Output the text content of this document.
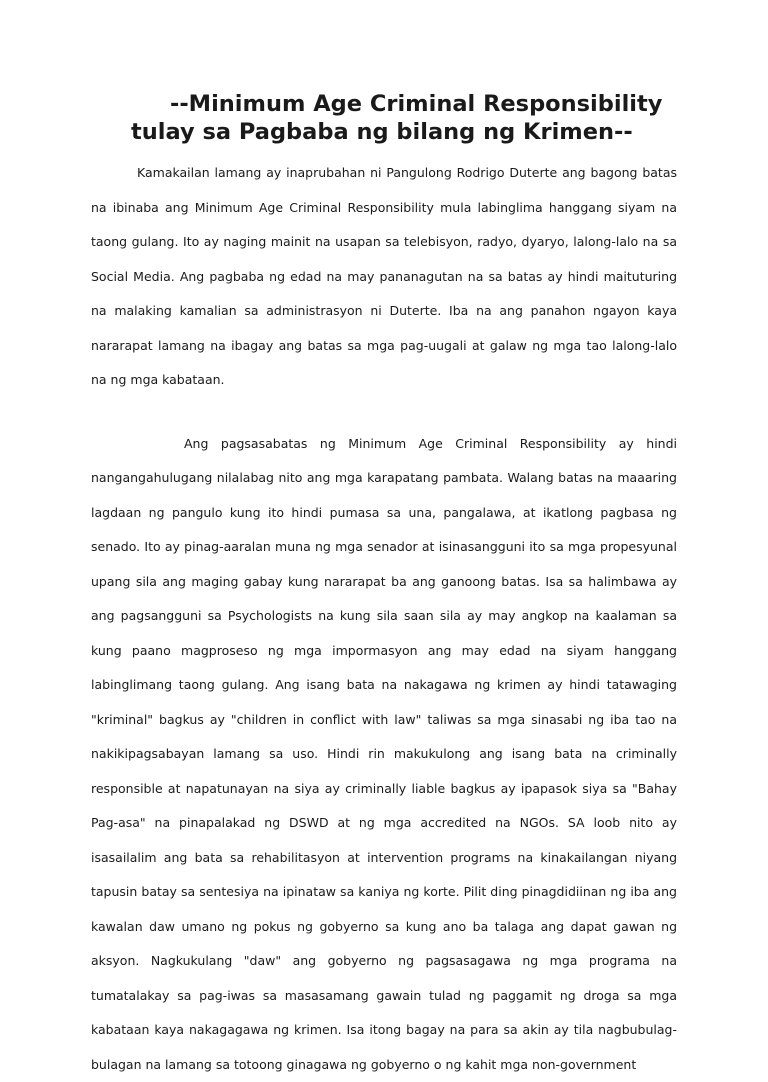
--Minimum Age Criminal Responsibility
tulay sa Pagbaba ng bilang ng Krimen--

Kamakailan lamang ay inaprubahan ni Pangulong Rodrigo Duterte ang bagong batas na ibinaba ang Minimum Age Criminal Responsibility mula labinglima hanggang siyam na taong gulang. Ito ay naging mainit na usapan sa telebisyon, radyo, dyaryo, lalong-lalo na sa Social Media. Ang pagbaba ng edad na may pananagutan na sa batas ay hindi maituturing na malaking kamalian sa administrasyon ni Duterte. Iba na ang panahon ngayon kaya nararapat lamang na ibagay ang batas sa mga pag-uugali at galaw ng mga tao lalong-lalo na ng mga kabataan.

Ang pagsasabatas ng Minimum Age Criminal Responsibility ay hindi nangangahulugang nilalabag nito ang mga karapatang pambata. Walang batas na maaaring lagdaan ng pangulo kung ito hindi pumasa sa una, pangalawa, at ikatlong pagbasa ng senado. Ito ay pinag-aaralan muna ng mga senador at isinasangguni ito sa mga propesyunal upang sila ang maging gabay kung nararapat ba ang ganoong batas. Isa sa halimbawa ay ang pagsangguni sa Psychologists na kung sila saan sila ay may angkop na kaalaman sa kung paano magproseso ng mga impormasyon ang may edad na siyam hanggang labinglimang taong gulang. Ang isang bata na nakagawa ng krimen ay hindi tatawaging "kriminal" bagkus ay "children in conflict with law" taliwas sa mga sinasabi ng iba tao na nakikipagsabayan lamang sa uso. Hindi rin makukulong ang isang bata na criminally responsible at napatunayan na siya ay criminally liable bagkus ay ipapasok siya sa "Bahay Pag-asa" na pinapalakad ng DSWD at ng mga accredited na NGOs. SA loob nito ay isasailalim ang bata sa rehabilitasyon at intervention programs na kinakailangan niyang tapusin batay sa sentesiya na ipinataw sa kaniya ng korte. Pilit ding pinagdidiinan ng iba ang kawalan daw umano ng pokus ng gobyerno sa kung ano ba talaga ang dapat gawan ng aksyon. Nagkukulang "daw" ang gobyerno ng pagsasagawa ng mga programa na tumatalakay sa pag-iwas sa masasamang gawain tulad ng paggamit ng droga sa mga kabataan kaya nakagagawa ng krimen. Isa itong bagay na para sa akin ay tila nagbubulag-bulagan na lamang sa totoong ginagawa ng gobyerno o ng kahit mga non-government
